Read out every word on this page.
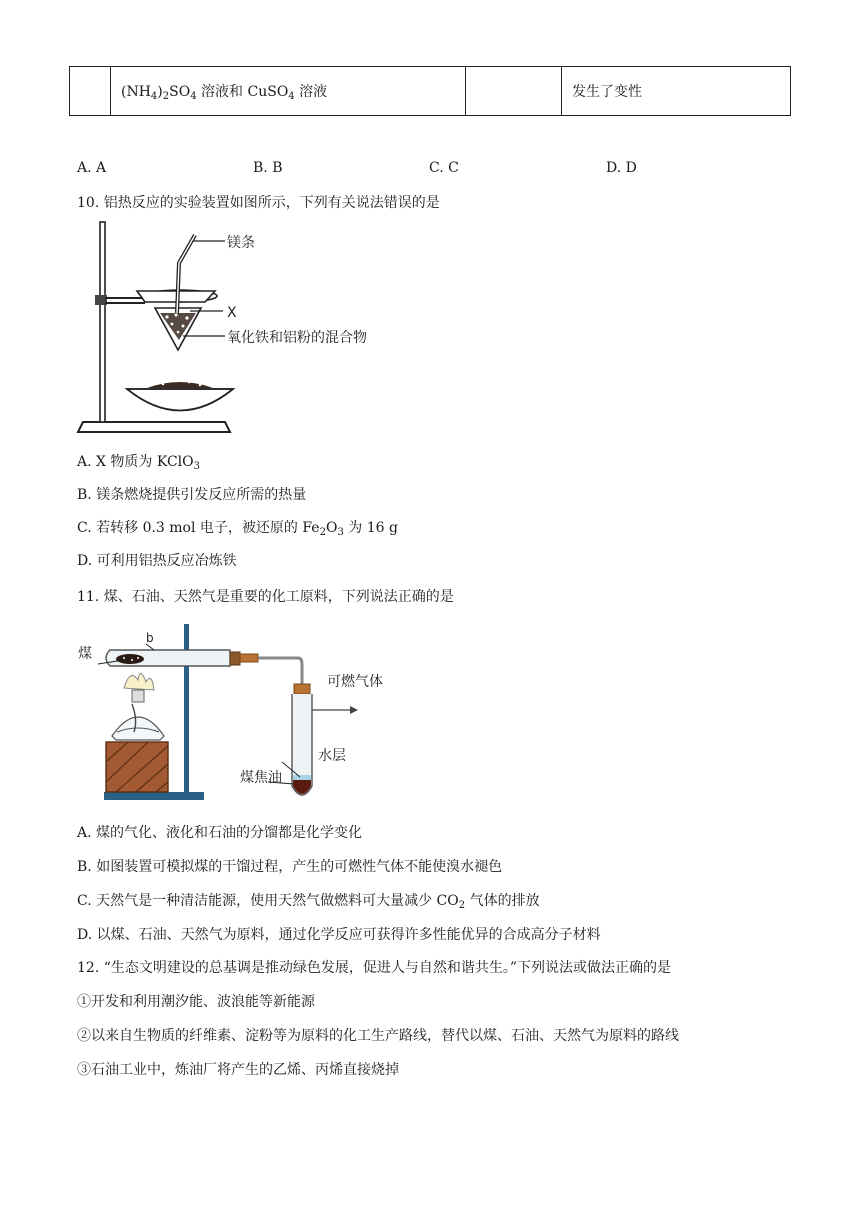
	$(NH_4)_2SO_4$ 溶液和 CuSO$_4$ 溶液		发生了变性
A. A	B. B	C. C	D. D
10. 铝热反应的实验装置如图所示，下列有关说法错误的是
镁条
X
氧化铁和铝粉的混合物
A. X 物质为 KClO$_3$
B. 镁条燃烧提供引发反应所需的热量
C. 若转移 0.3 mol 电子，被还原的 $Fe_2O_3$ 为 16 g
D. 可利用铝热反应冶炼铁
11. 煤、石油、天然气是重要的化工原料，下列说法正确的是
煤
b
可燃气体
水层
煤焦油
A. 煤的气化、液化和石油的分馏都是化学变化
B. 如图装置可模拟煤的干馏过程，产生的可燃性气体不能使溴水褪色
C. 天然气是一种清洁能源，使用天然气做燃料可大量减少 $CO_2$ 气体的排放
D. 以煤、石油、天然气为原料，通过化学反应可获得许多性能优异的合成高分子材料
12. “生态文明建设的总基调是推动绿色发展，促进人与自然和谐共生。”下列说法或做法正确的是
①开发和利用潮汐能、波浪能等新能源
②以来自生物质的纤维素、淀粉等为原料的化工生产路线，替代以煤、石油、天然气为原料的路线
③石油工业中，炼油厂将产生的乙烯、丙烯直接烧掉
